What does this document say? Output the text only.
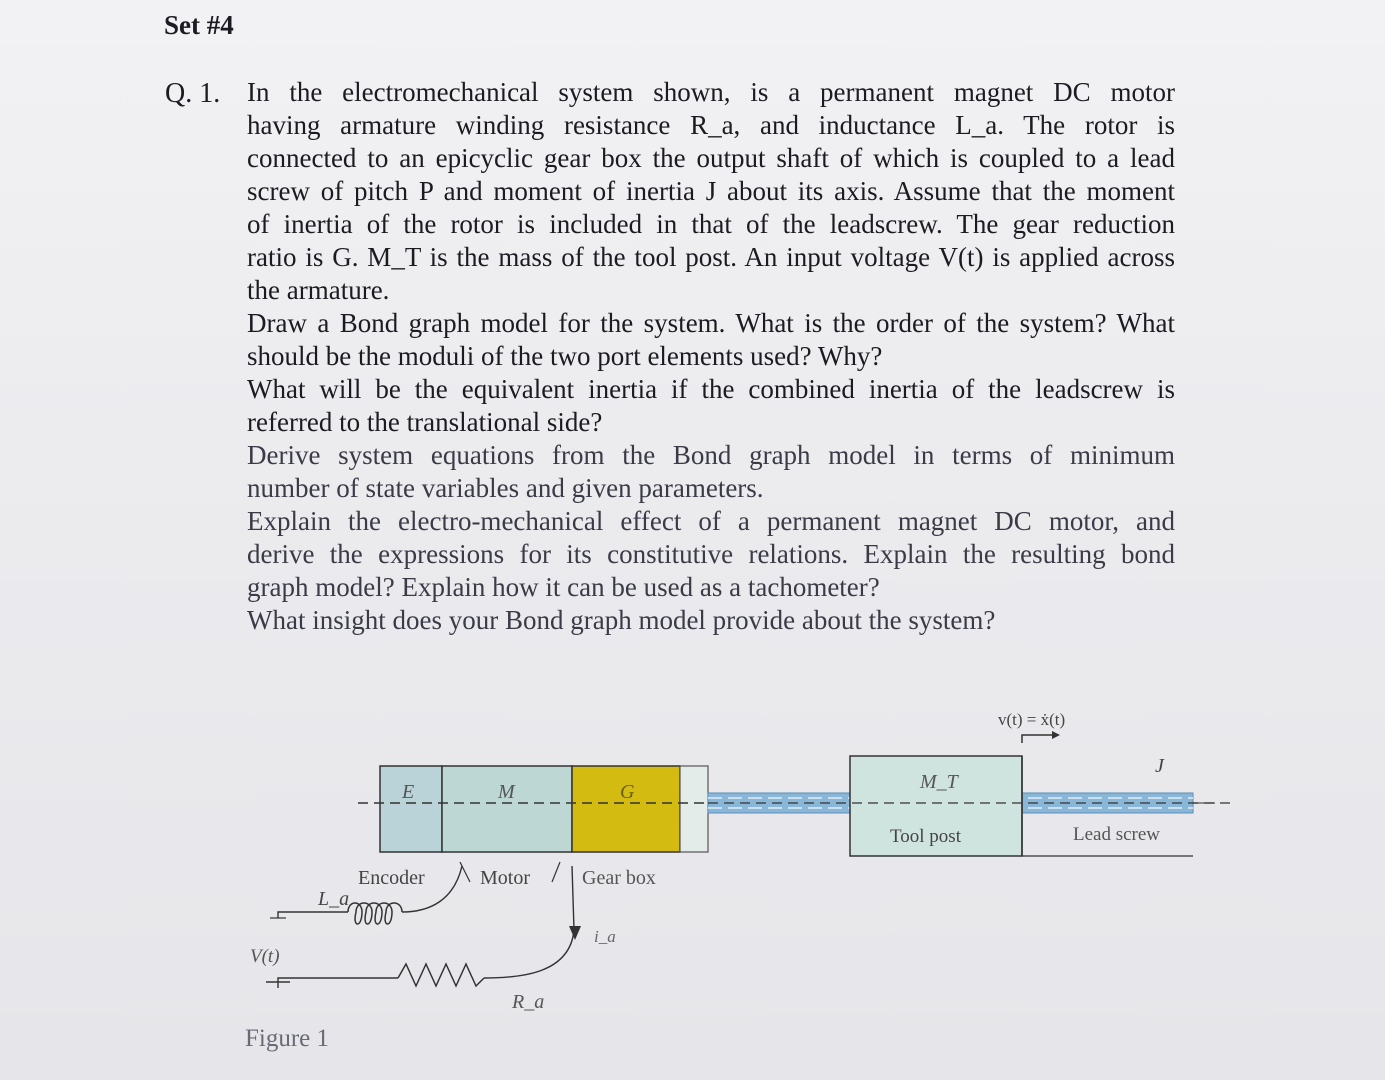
Set #4
Q. 1. In the electromechanical system shown, is a permanent magnet DC motor
having armature winding resistance R_a, and inductance L_a. The rotor is
connected to an epicyclic gear box the output shaft of which is coupled to a lead
screw of pitch P and moment of inertia J about its axis. Assume that the moment
of inertia of the rotor is included in that of the leadscrew. The gear reduction
ratio is G. M_T is the mass of the tool post. An input voltage V(t) is applied across
the armature.
Draw a Bond graph model for the system. What is the order of the system? What
should be the moduli of the two port elements used? Why?
What will be the equivalent inertia if the combined inertia of the leadscrew is
referred to the translational side?
Derive system equations from the Bond graph model in terms of minimum
number of state variables and given parameters.
Explain the electro-mechanical effect of a permanent magnet DC motor, and
derive the expressions for its constitutive relations. Explain the resulting bond
graph model? Explain how it can be used as a tachometer?
What insight does your Bond graph model provide about the system?
v(t) = ẋ(t)
J
E	M	G	M_T
Tool post	Lead screw
Encoder	Motor	Gear box
L_a
V(t)
R_a
i_a
Figure 1
